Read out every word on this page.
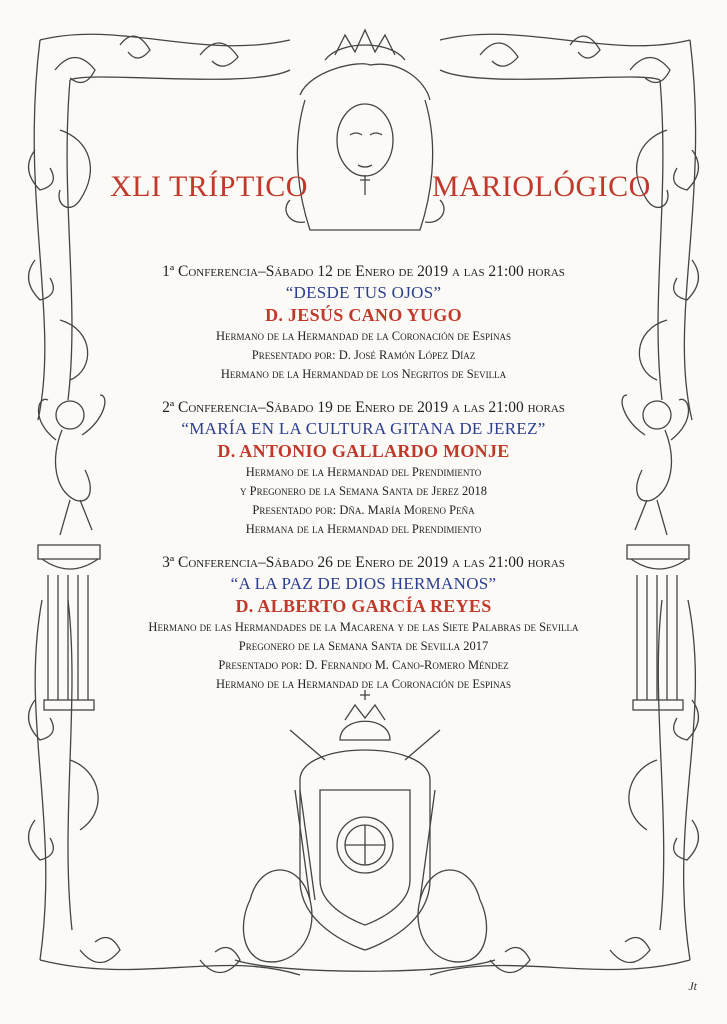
XLI TRÍPTICO	MARIOLÓGICO
1ª Conferencia–Sábado 12 de Enero de 2019 a las 21:00 horas
“DESDE TUS OJOS”
D. JESÚS CANO YUGO
Hermano de la Hermandad de la Coronación de Espinas
Presentado por: D. José Ramón López Díaz
Hermano de la Hermandad de los Negritos de Sevilla
2ª Conferencia–Sábado 19 de Enero de 2019 a las 21:00 horas
“MARÍA EN LA CULTURA GITANA DE JEREZ”
D. ANTONIO GALLARDO MONJE
Hermano de la Hermandad del Prendimiento
y Pregonero de la Semana Santa de Jerez 2018
Presentado por: Dña. María Moreno Peña
Hermana de la Hermandad del Prendimiento
3ª Conferencia–Sábado 26 de Enero de 2019 a las 21:00 horas
“A LA PAZ DE DIOS HERMANOS”
D. ALBERTO GARCÍA REYES
Hermano de las Hermandades de la Macarena y de las Siete Palabras de Sevilla
Pregonero de la Semana Santa de Sevilla 2017
Presentado por: D. Fernando M. Cano-Romero Méndez
Hermano de la Hermandad de la Coronación de Espinas
Jt
